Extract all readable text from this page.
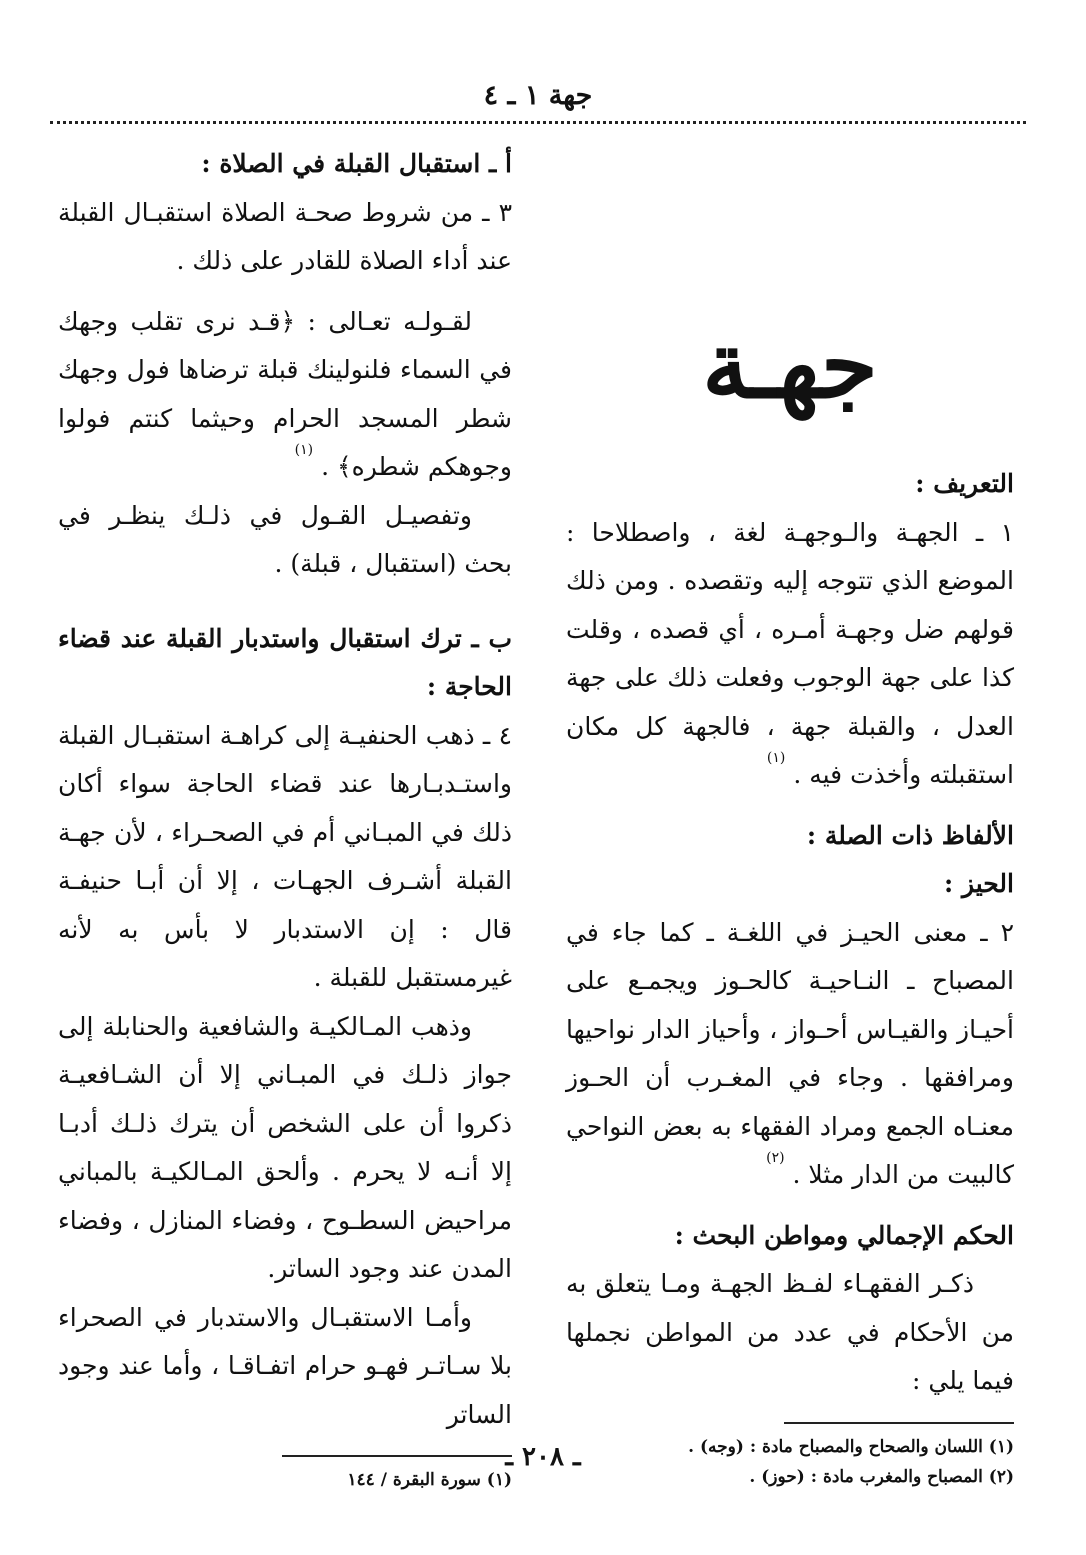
جهة ١ ـ ٤
جهـة
التعريف :

١ ـ الجهـة والـوجهـة لغة ، واصطلاحا : الموضع الذي تتوجه إليه وتقصده . ومن ذلك قولهم ضل وجهـة أمـره ، أي قصده ، وقلت كذا على جهة الوجوب وفعلت ذلك على جهة العدل ، والقبلة جهة ، فالجهة كل مكان استقبلته وأخذت فيه . $^{(١)}$

الألفاظ ذات الصلة :
الحيز :

٢ ـ معنى الحيـز في اللغـة ـ كما جاء في المصباح ـ النـاحيـة كالحـوز ويجمـع على أحيـاز والقيـاس أحـواز ، وأحياز الدار نواحيها ومرافقها . وجاء في المغـرب أن الحـوز معنـاه الجمع ومراد الفقهاء به بعض النواحي كالبيت من الدار مثلا . $^{(٢)}$

الحكم الإجمالي ومواطن البحث :

ذكـر الفقهـاء لفـظ الجهـة ومـا يتعلق به من الأحكام في عدد من المواطن نجملها فيما يلي :

(١) اللسان والصحاح والمصباح مادة : (وجه) .
(٢) المصباح والمغرب مادة : (حوز) .
أ ـ استقبال القبلة في الصلاة :

٣ ـ من شروط صحـة الصلاة استقبـال القبلة عند أداء الصلاة للقادر على ذلك .

لقـولـه تعـالى : ﴿قـد نرى تقلب وجهك في السماء فلنولينك قبلة ترضاها فول وجهك شطر المسجد الحرام وحيثما كنتم فولوا وجوهكم شطره﴾ . $^{(١)}$

وتفصيـل القـول في ذلـك ينظـر في بحث (استقبال ، قبلة) .

ب ـ ترك استقبال واستدبار القبلة عند قضاء الحاجة :

٤ ـ ذهب الحنفيـة إلى كراهـة استقبـال القبلة واستـدبـارها عند قضاء الحاجة سواء أكان ذلك في المبـاني أم في الصحـراء ، لأن جهـة القبلة أشـرف الجهـات ، إلا أن أبـا حنيفـة قال : إن الاستدبار لا بأس به لأنه غيرمستقبل للقبلة .

وذهب المـالكيـة والشافعية والحنابلة إلى جواز ذلـك في المبـاني إلا أن الشـافعيـة ذكروا أن على الشخص أن يترك ذلـك أدبـا إلا أنـه لا يحرم . وألحق المـالكيـة بالمباني مراحيض السطـوح ، وفضاء المنازل ، وفضاء المدن عند وجود الساتر.

وأمـا الاستقبـال والاستدبار في الصحراء بلا سـاتـر فهـو حرام اتفـاقـا ، وأما عند وجود الساتر

(١) سورة البقرة / ١٤٤
ـ ٢٠٨ ـ
